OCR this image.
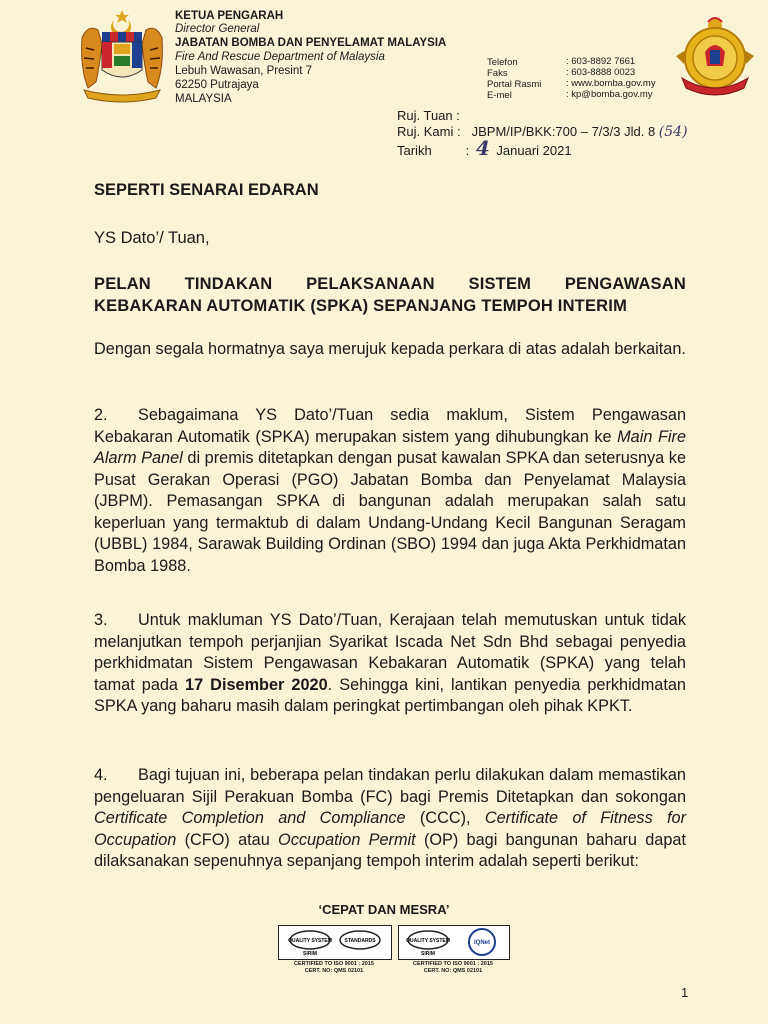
KETUA PENGARAH
Director General
JABATAN BOMBA DAN PENYELAMAT MALAYSIA
Fire And Rescue Department of Malaysia
Lebuh Wawasan, Presint 7
62250 Putrajaya
MALAYSIA
Telefon	: 603-8892 7661
Faks	: 603-8888 0023
Portal Rasmi	: www.bomba.gov.my
E-mel	: kp@bomba.gov.my
Ruj. Tuan :
Ruj. Kami : JBPM/IP/BKK:700 – 7/3/3 Jld. 8 (54)
Tarikh	: 4 Januari 2021
SEPERTI SENARAI EDARAN
YS Dato’/ Tuan,
PELAN TINDAKAN PELAKSANAAN SISTEM PENGAWASAN
KEBAKARAN AUTOMATIK (SPKA) SEPANJANG TEMPOH INTERIM
Dengan segala hormatnya saya merujuk kepada perkara di atas adalah berkaitan.
2. Sebagaimana YS Dato’/Tuan sedia maklum, Sistem Pengawasan Kebakaran Automatik (SPKA) merupakan sistem yang dihubungkan ke Main Fire Alarm Panel di premis ditetapkan dengan pusat kawalan SPKA dan seterusnya ke Pusat Gerakan Operasi (PGO) Jabatan Bomba dan Penyelamat Malaysia (JBPM). Pemasangan SPKA di bangunan adalah merupakan salah satu keperluan yang termaktub di dalam Undang-Undang Kecil Bangunan Seragam (UBBL) 1984, Sarawak Building Ordinan (SBO) 1994 dan juga Akta Perkhidmatan Bomba 1988.
3. Untuk makluman YS Dato’/Tuan, Kerajaan telah memutuskan untuk tidak melanjutkan tempoh perjanjian Syarikat Iscada Net Sdn Bhd sebagai penyedia perkhidmatan Sistem Pengawasan Kebakaran Automatik (SPKA) yang telah tamat pada 17 Disember 2020. Sehingga kini, lantikan penyedia perkhidmatan SPKA yang baharu masih dalam peringkat pertimbangan oleh pihak KPKT.
4. Bagi tujuan ini, beberapa pelan tindakan perlu dilakukan dalam memastikan pengeluaran Sijil Perakuan Bomba (FC) bagi Premis Ditetapkan dan sokongan Certificate Completion and Compliance (CCC), Certificate of Fitness for Occupation (CFO) atau Occupation Permit (OP) bagi bangunan baharu dapat dilaksanakan sepenuhnya sepanjang tempoh interim adalah seperti berikut:
‘CEPAT DAN MESRA’
QUALITY SYSTEM	STANDARDS
SIRIM
CERTIFIED TO ISO 9001 : 2015
CERT. NO: QMS 02101
QUALITY SYSTEM	IQNet
SIRIM
CERTIFIED TO ISO 9001 : 2015
CERT. NO: QMS 02101
1
